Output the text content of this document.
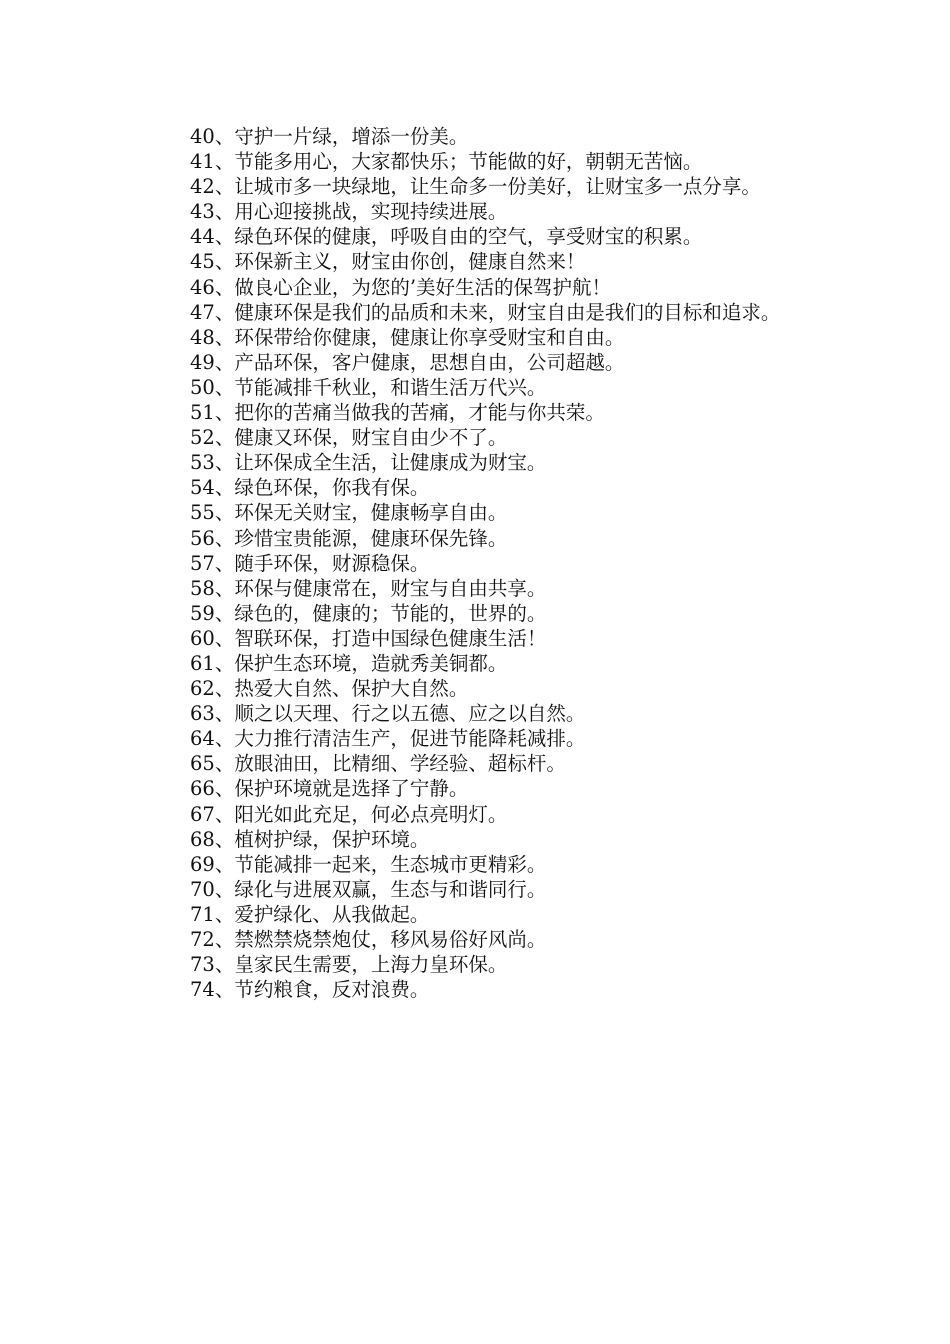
40、守护一片绿，增添一份美。

41、节能多用心，大家都快乐；节能做的好，朝朝无苦恼。

42、让城市多一块绿地，让生命多一份美好，让财宝多一点分享。

43、用心迎接挑战，实现持续进展。

44、绿色环保的健康，呼吸自由的空气，享受财宝的积累。

45、环保新主义，财宝由你创，健康自然来！

46、做良心企业，为您的’美好生活的保驾护航！

47、健康环保是我们的品质和未来，财宝自由是我们的目标和追求。

48、环保带给你健康，健康让你享受财宝和自由。

49、产品环保，客户健康，思想自由，公司超越。

50、节能减排千秋业，和谐生活万代兴。

51、把你的苦痛当做我的苦痛，才能与你共荣。

52、健康又环保，财宝自由少不了。

53、让环保成全生活，让健康成为财宝。

54、绿色环保，你我有保。

55、环保无关财宝，健康畅享自由。

56、珍惜宝贵能源，健康环保先锋。

57、随手环保，财源稳保。

58、环保与健康常在，财宝与自由共享。

59、绿色的，健康的；节能的，世界的。

60、智联环保，打造中国绿色健康生活！

61、保护生态环境，造就秀美铜都。

62、热爱大自然、保护大自然。

63、顺之以天理、行之以五德、应之以自然。

64、大力推行清洁生产，促进节能降耗减排。

65、放眼油田，比精细、学经验、超标杆。

66、保护环境就是选择了宁静。

67、阳光如此充足，何必点亮明灯。

68、植树护绿，保护环境。

69、节能减排一起来，生态城市更精彩。

70、绿化与进展双赢，生态与和谐同行。

71、爱护绿化、从我做起。

72、禁燃禁烧禁炮仗，移风易俗好风尚。

73、皇家民生需要，上海力皇环保。

74、节约粮食，反对浪费。
